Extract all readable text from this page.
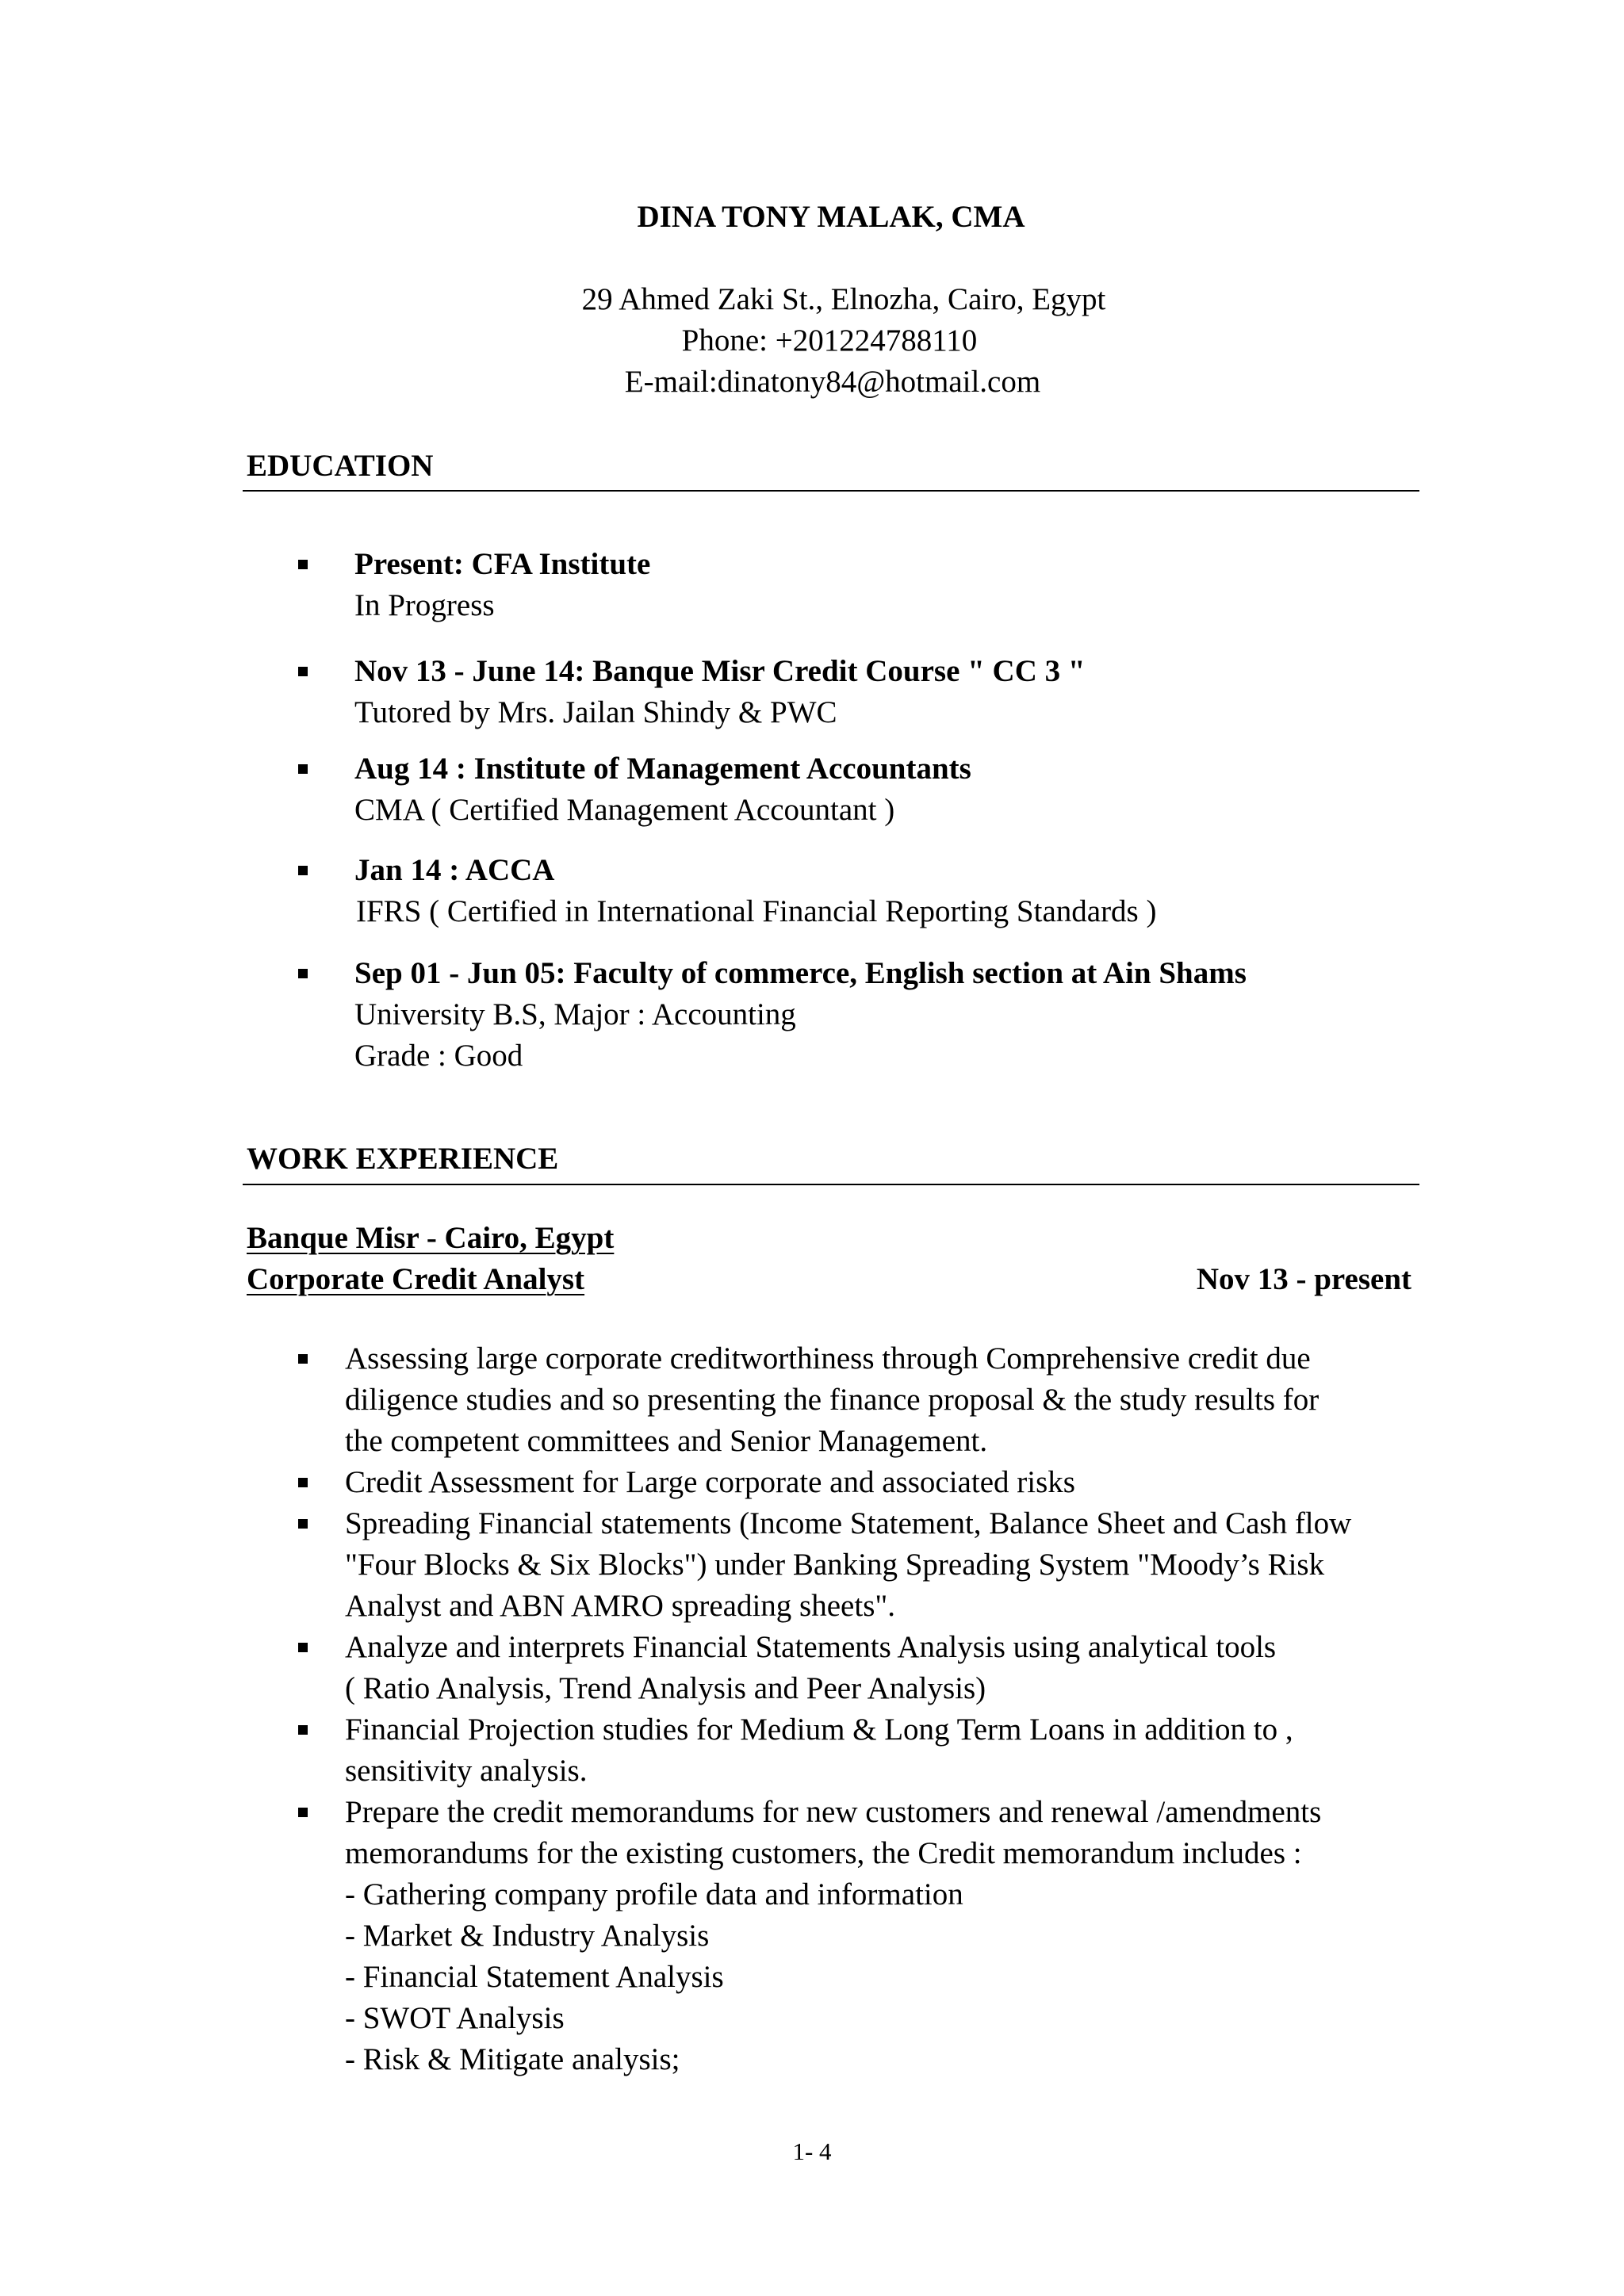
DINA TONY MALAK, CMA
29 Ahmed Zaki St., Elnozha, Cairo, Egypt
Phone: +201224788110
E-mail:dinatony84@hotmail.com
EDUCATION
Present: CFA Institute
In Progress
Nov 13 - June 14: Banque Misr Credit Course " CC 3 "
Tutored by Mrs. Jailan Shindy & PWC
Aug 14 : Institute of Management Accountants
CMA ( Certified Management Accountant )
Jan 14 : ACCA
IFRS ( Certified in International Financial Reporting Standards )
Sep 01 - Jun 05: Faculty of commerce, English section at Ain Shams
University B.S, Major : Accounting
Grade : Good
WORK EXPERIENCE
Banque Misr - Cairo, Egypt
Corporate Credit Analyst	Nov 13 - present
Assessing large corporate creditworthiness through Comprehensive credit due
diligence studies and so presenting the finance proposal & the study results for
the competent committees and Senior Management.
Credit Assessment for Large corporate and associated risks
Spreading Financial statements (Income Statement, Balance Sheet and Cash flow
"Four Blocks & Six Blocks") under Banking Spreading System "Moody’s Risk
Analyst and ABN AMRO spreading sheets".
Analyze and interprets Financial Statements Analysis using analytical tools
( Ratio Analysis, Trend Analysis and Peer Analysis)
Financial Projection studies for Medium & Long Term Loans in addition to ,
sensitivity analysis.
Prepare the credit memorandums for new customers and renewal /amendments
memorandums for the existing customers, the Credit memorandum includes :
- Gathering company profile data and information
- Market & Industry Analysis
- Financial Statement Analysis
- SWOT Analysis
- Risk & Mitigate analysis;
1- 4
